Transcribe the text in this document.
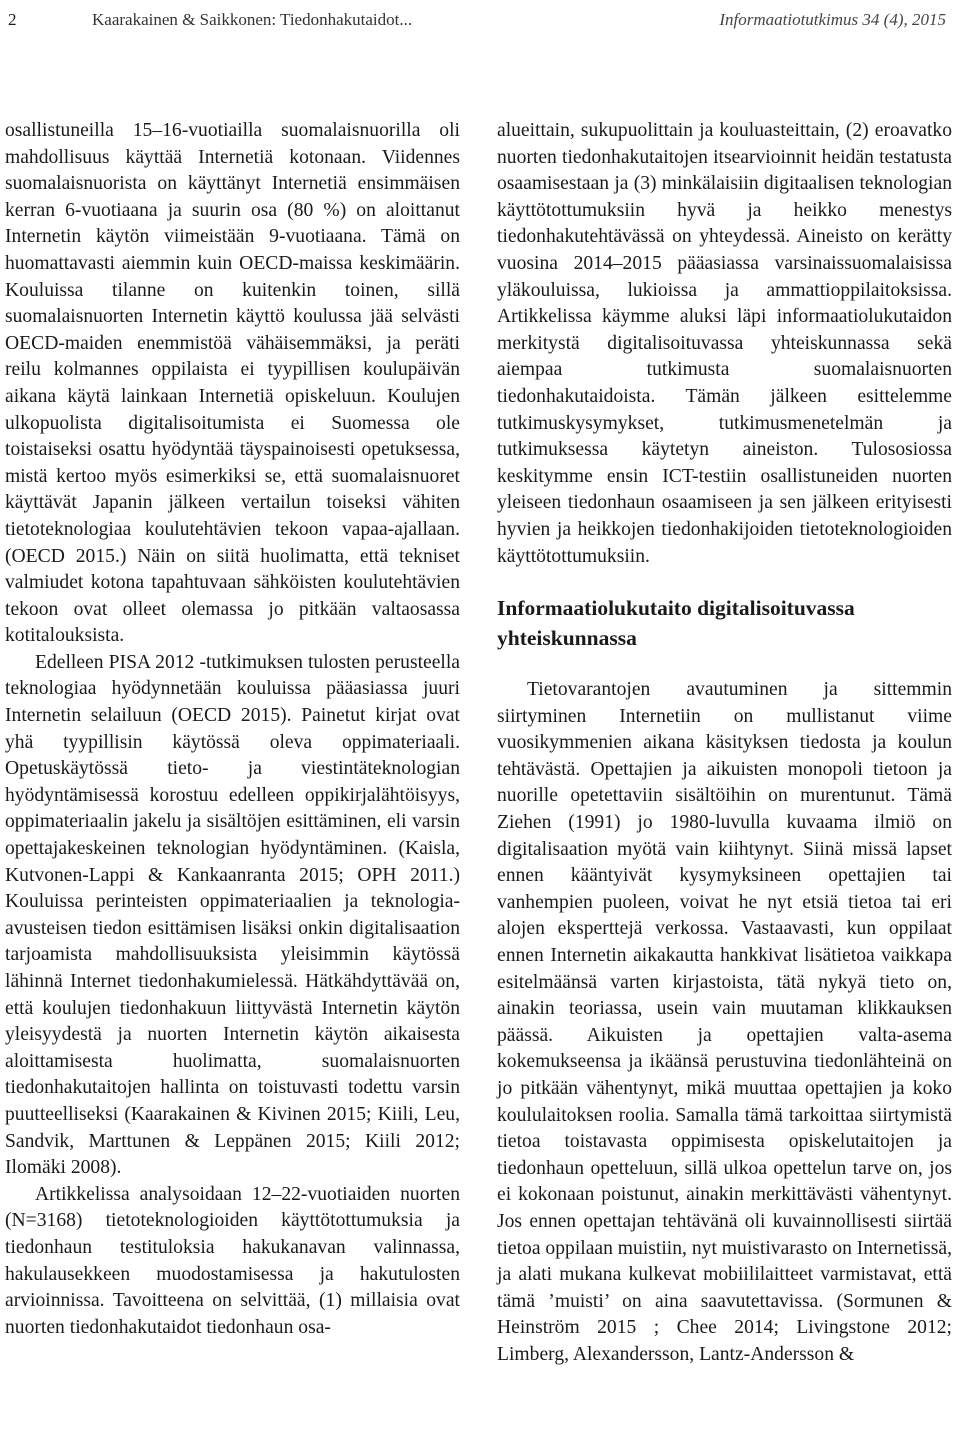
2	Kaarakainen & Saikkonen: Tiedonhakutaidot...	Informaatiotutkimus 34 (4), 2015

osallistuneilla 15–16-vuotiailla suomalaisnuorilla oli mahdollisuus käyttää Internetiä kotonaan. Viidennes suomalaisnuorista on käyttänyt Internetiä ensimmäisen kerran 6-vuotiaana ja suurin osa (80 %) on aloittanut Internetin käytön viimeistään 9-vuotiaana. Tämä on huomattavasti aiemmin kuin OECD-maissa keskimäärin. Kouluissa tilanne on kuitenkin toinen, sillä suomalaisnuorten Internetin käyttö koulussa jää selvästi OECD-maiden enemmistöä vähäisemmäksi, ja peräti reilu kolmannes oppilaista ei tyypillisen koulupäivän aikana käytä lainkaan Internetiä opiskeluun. Koulujen ulkopuolista digitalisoitumista ei Suomessa ole toistaiseksi osattu hyödyntää täyspainoisesti opetuksessa, mistä kertoo myös esimerkiksi se, että suomalaisnuoret käyttävät Japanin jälkeen vertailun toiseksi vähiten tietoteknologiaa koulutehtävien tekoon vapaa-ajallaan. (OECD 2015.) Näin on siitä huolimatta, että tekniset valmiudet kotona tapahtuvaan sähköisten koulutehtävien tekoon ovat olleet olemassa jo pitkään valtaosassa kotitalouksista.

Edelleen PISA 2012 -tutkimuksen tulosten perusteella teknologiaa hyödynnetään kouluissa pääasiassa juuri Internetin selailuun (OECD 2015). Painetut kirjat ovat yhä tyypillisin käytössä oleva oppimateriaali. Opetuskäytössä tieto- ja viestintäteknologian hyödyntämisessä korostuu edelleen oppikirjalähtöisyys, oppimateriaalin jakelu ja sisältöjen esittäminen, eli varsin opettajakeskeinen teknologian hyödyntäminen. (Kaisla, Kutvonen-Lappi & Kankaanranta 2015; OPH 2011.) Kouluissa perinteisten oppimateriaalien ja teknologia-avusteisen tiedon esittämisen lisäksi onkin digitalisaation tarjoamista mahdollisuuksista yleisimmin käytössä lähinnä Internet tiedonhakumielessä. Hätkähdyttävää on, että koulujen tiedonhakuun liittyvästä Internetin käytön yleisyydestä ja nuorten Internetin käytön aikaisesta aloittamisesta huolimatta, suomalaisnuorten tiedonhakutaitojen hallinta on toistuvasti todettu varsin puutteelliseksi (Kaarakainen & Kivinen 2015; Kiili, Leu, Sandvik, Marttunen & Leppänen 2015; Kiili 2012; Ilomäki 2008).

Artikkelissa analysoidaan 12–22-vuotiaiden nuorten (N=3168) tietoteknologioiden käyttötottumuksia ja tiedonhaun testituloksia hakukanavan valinnassa, hakulausekkeen muodostamisessa ja hakutulosten arvioinnissa. Tavoitteena on selvittää, (1) millaisia ovat nuorten tiedonhakutaidot tiedonhaun osa-

alueittain, sukupuolittain ja kouluasteittain, (2) eroavatko nuorten tiedonhakutaitojen itsearvioinnit heidän testatusta osaamisestaan ja (3) minkälaisiin digitaalisen teknologian käyttötottumuksiin hyvä ja heikko menestys tiedonhakutehtävässä on yhteydessä. Aineisto on kerätty vuosina 2014–2015 pääasiassa varsinaissuomalaisissa yläkouluissa, lukioissa ja ammattioppilaitoksissa. Artikkelissa käymme aluksi läpi informaatiolukutaidon merkitystä digitalisoituvassa yhteiskunnassa sekä aiempaa tutkimusta suomalaisnuorten tiedonhakutaidoista. Tämän jälkeen esittelemme tutkimuskysymykset, tutkimusmenetelmän ja tutkimuksessa käytetyn aineiston. Tulososiossa keskitymme ensin ICT-testiin osallistuneiden nuorten yleiseen tiedonhaun osaamiseen ja sen jälkeen erityisesti hyvien ja heikkojen tiedonhakijoiden tietoteknologioiden käyttötottumuksiin.

Informaatiolukutaito digitalisoituvassa yhteiskunnassa

Tietovarantojen avautuminen ja sittemmin siirtyminen Internetiin on mullistanut viime vuosikymmenien aikana käsityksen tiedosta ja koulun tehtävästä. Opettajien ja aikuisten monopoli tietoon ja nuorille opetettaviin sisältöihin on murentunut. Tämä Ziehen (1991) jo 1980-luvulla kuvaama ilmiö on digitalisaation myötä vain kiihtynyt. Siinä missä lapset ennen kääntyivät kysymyksineen opettajien tai vanhempien puoleen, voivat he nyt etsiä tietoa tai eri alojen eksperttejä verkossa. Vastaavasti, kun oppilaat ennen Internetin aikakautta hankkivat lisätietoa vaikkapa esitelmäänsä varten kirjastoista, tätä nykyä tieto on, ainakin teoriassa, usein vain muutaman klikkauksen päässä. Aikuisten ja opettajien valta-asema kokemukseensa ja ikäänsä perustuvina tiedonlähteinä on jo pitkään vähentynyt, mikä muuttaa opettajien ja koko koululaitoksen roolia. Samalla tämä tarkoittaa siirtymistä tietoa toistavasta oppimisesta opiskelutaitojen ja tiedonhaun opetteluun, sillä ulkoa opettelun tarve on, jos ei kokonaan poistunut, ainakin merkittävästi vähentynyt. Jos ennen opettajan tehtävänä oli kuvainnollisesti siirtää tietoa oppilaan muistiin, nyt muistivarasto on Internetissä, ja alati mukana kulkevat mobiililaitteet varmistavat, että tämä ’muisti’ on aina saavutettavissa. (Sormunen & Heinström 2015 ; Chee 2014; Livingstone 2012; Limberg, Alexandersson, Lantz-Andersson &
